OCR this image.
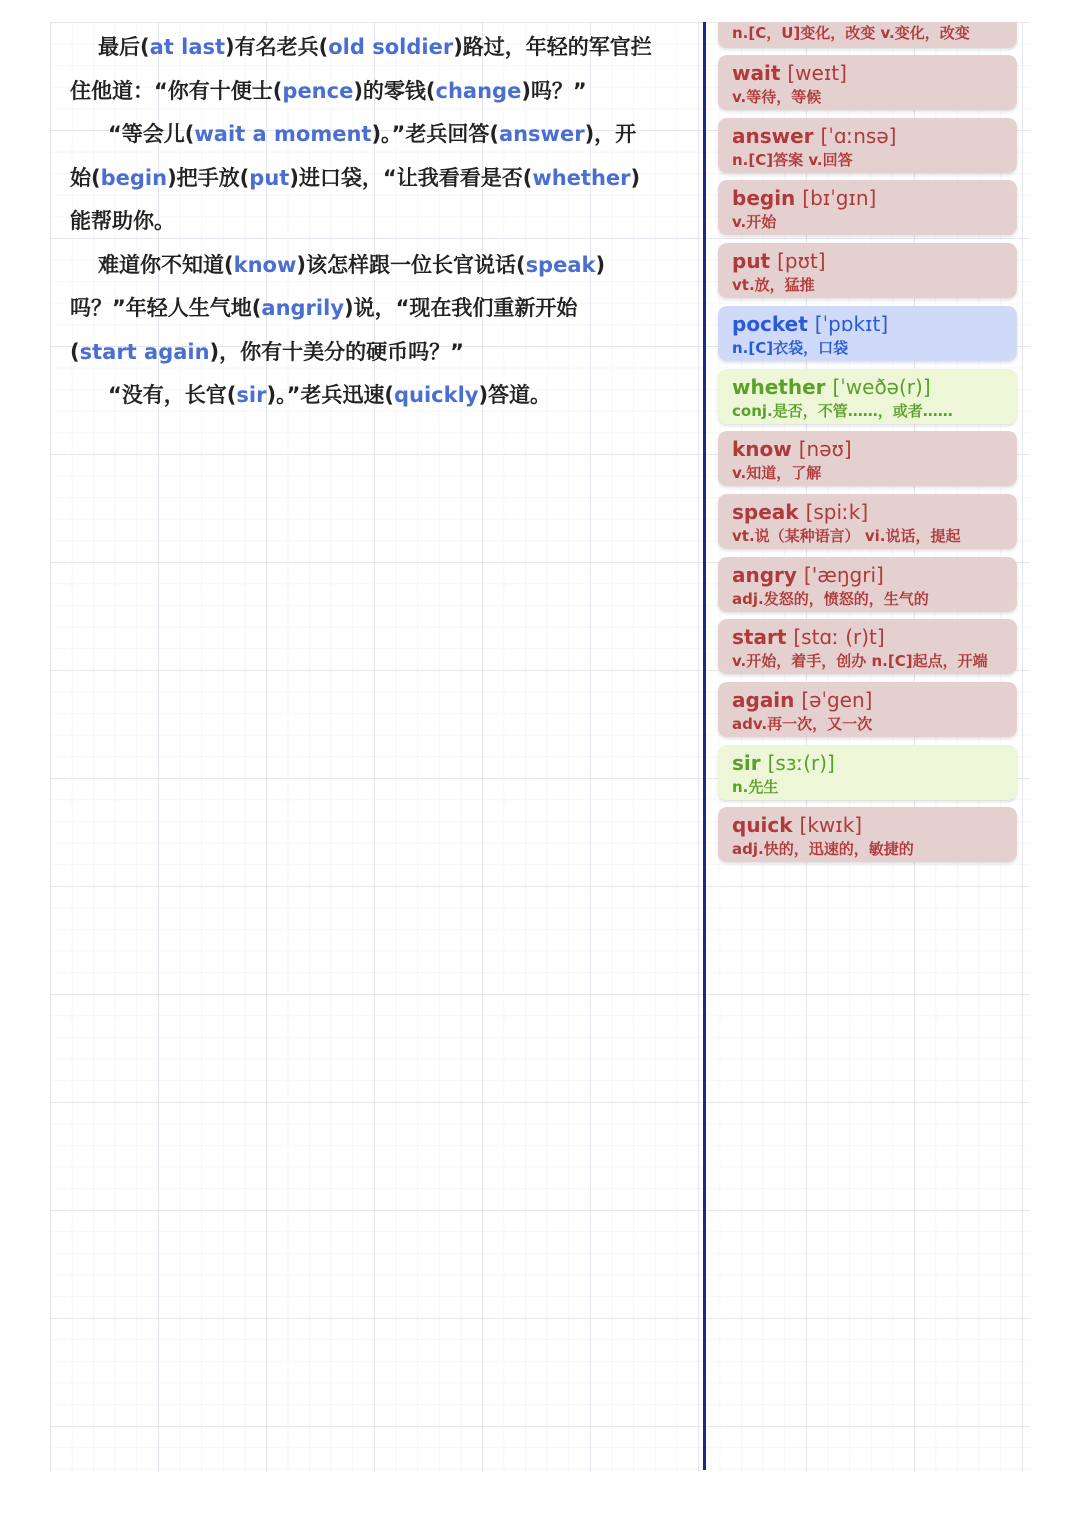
最后(at last)有名老兵(old soldier)路过，年轻的军官拦
住他道：“你有十便士(pence)的零钱(change)吗？”
“等会儿(wait a moment)。”老兵回答(answer)，开
始(begin)把手放(put)进口袋，“让我看看是否(whether)
能帮助你。
难道你不知道(know)该怎样跟一位长官说话(speak)
吗？”年轻人生气地(angrily)说，“现在我们重新开始
(start again)，你有十美分的硬币吗？”
“没有，长官(sir)。”老兵迅速(quickly)答道。
n.[C，U]变化，改变 v.变化，改变
wait [weɪt]
v.等待，等候
answer [ˈɑːnsə]
n.[C]答案 v.回答
begin [bɪˈgɪn]
v.开始
put [pʊt]
vt.放，猛推
pocket [ˈpɒkɪt]
n.[C]衣袋，口袋
whether [ˈweðə(r)]
conj.是否，不管……，或者……
know [nəʊ]
v.知道，了解
speak [spiːk]
vt.说（某种语言） vi.说话，提起
angry ['æŋgri]
adj.发怒的，愤怒的，生气的
start [stɑː (r)t]
v.开始，着手，创办 n.[C]起点，开端
again [əˈgen]
adv.再一次，又一次
sir [sɜː(r)]
n.先生
quick [kwɪk]
adj.快的，迅速的，敏捷的
